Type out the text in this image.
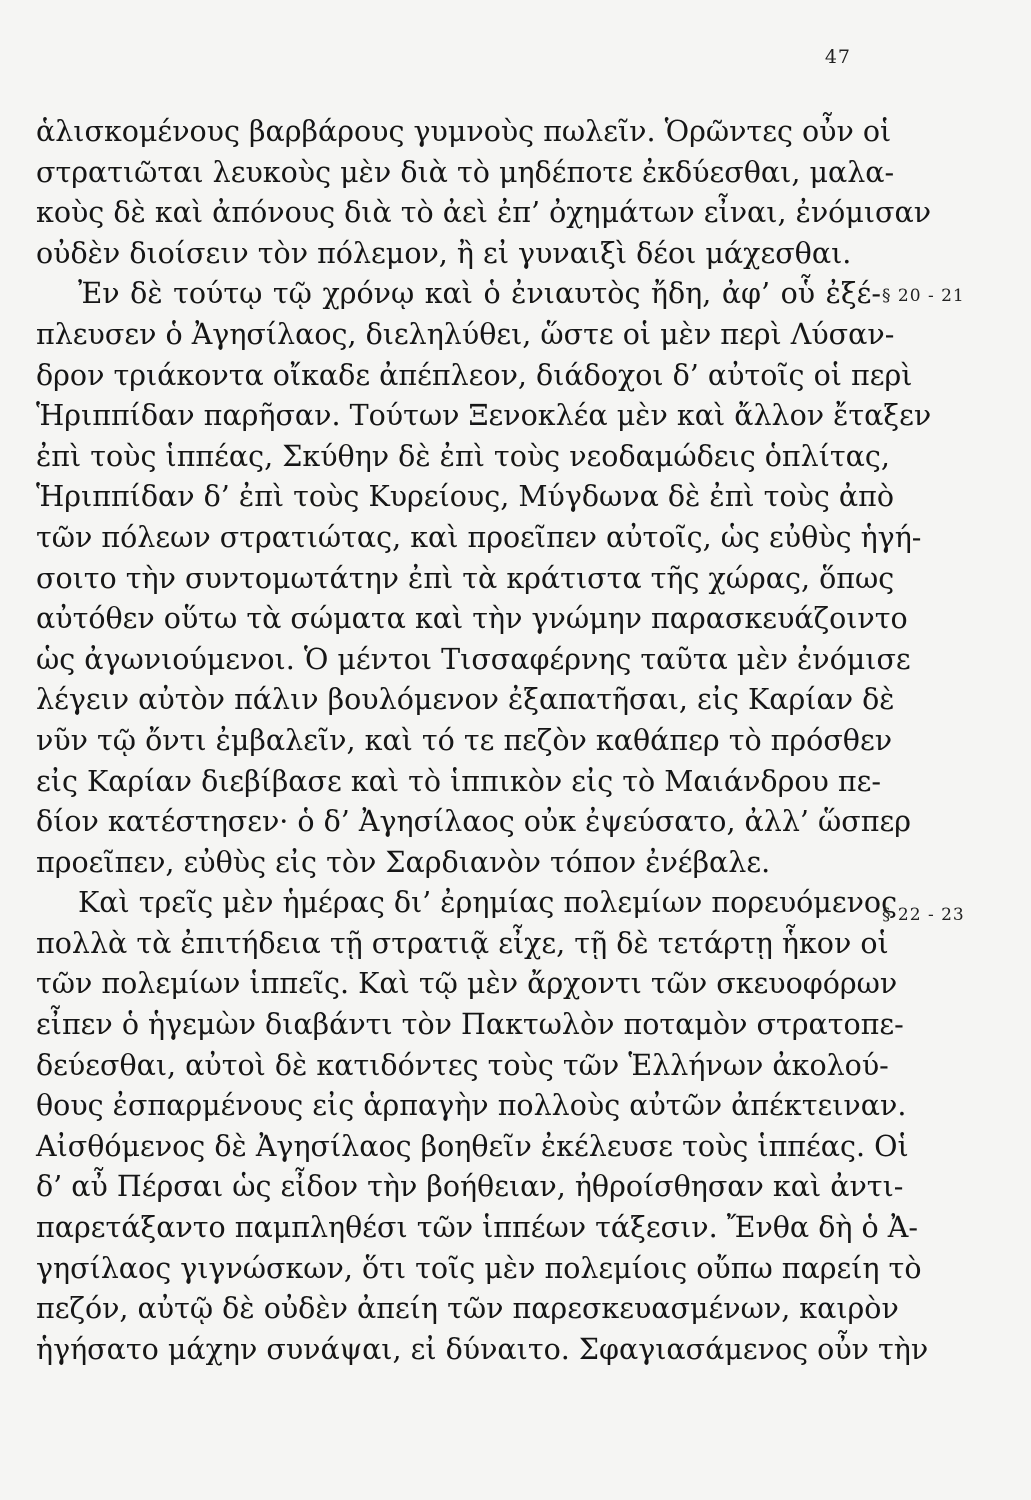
47
ἁλισκομένους βαρβάρους γυμνοὺς πωλεῖν. Ὁρῶντες οὖν οἱ
στρατιῶται λευκοὺς μὲν διὰ τὸ μηδέποτε ἐκδύεσθαι, μαλα-
κοὺς δὲ καὶ ἀπόνους διὰ τὸ ἀεὶ ἐπ’ ὀχημάτων εἶναι, ἐνόμισαν
οὐδὲν διοίσειν τὸν πόλεμον, ἢ εἰ γυναιξὶ δέοι μάχεσθαι.
Ἐν δὲ τούτῳ τῷ χρόνῳ καὶ ὁ ἐνιαυτὸς ἤδη, ἀφ’ οὗ ἐξέ-
πλευσεν ὁ Ἀγησίλαος, διεληλύθει, ὥστε οἱ μὲν περὶ Λύσαν-
δρον τριάκοντα οἴκαδε ἀπέπλεον, διάδοχοι δ’ αὐτοῖς οἱ περὶ
Ἡριππίδαν παρῆσαν. Τούτων Ξενοκλέα μὲν καὶ ἄλλον ἔταξεν
ἐπὶ τοὺς ἱππέας, Σκύθην δὲ ἐπὶ τοὺς νεοδαμώδεις ὁπλίτας,
Ἡριππίδαν δ’ ἐπὶ τοὺς Κυρείους, Μύγδωνα δὲ ἐπὶ τοὺς ἀπὸ
τῶν πόλεων στρατιώτας, καὶ προεῖπεν αὐτοῖς, ὡς εὐθὺς ἡγή-
σοιτο τὴν συντομωτάτην ἐπὶ τὰ κράτιστα τῆς χώρας, ὅπως
αὐτόθεν οὕτω τὰ σώματα καὶ τὴν γνώμην παρασκευάζοιντο
ὡς ἀγωνιούμενοι. Ὁ μέντοι Τισσαφέρνης ταῦτα μὲν ἐνόμισε
λέγειν αὐτὸν πάλιν βουλόμενον ἐξαπατῆσαι, εἰς Καρίαν δὲ
νῦν τῷ ὄντι ἐμβαλεῖν, καὶ τό τε πεζὸν καθάπερ τὸ πρόσθεν
εἰς Καρίαν διεβίβασε καὶ τὸ ἱππικὸν εἰς τὸ Μαιάνδρου πε-
δίον κατέστησεν· ὁ δ’ Ἀγησίλαος οὐκ ἐψεύσατο, ἀλλ’ ὥσπερ
προεῖπεν, εὐθὺς εἰς τὸν Σαρδιανὸν τόπον ἐνέβαλε.
Καὶ τρεῖς μὲν ἡμέρας δι’ ἐρημίας πολεμίων πορευόμενος
πολλὰ τὰ ἐπιτήδεια τῇ στρατιᾷ εἶχε, τῇ δὲ τετάρτῃ ἧκον οἱ
τῶν πολεμίων ἱππεῖς. Καὶ τῷ μὲν ἄρχοντι τῶν σκευοφόρων
εἶπεν ὁ ἡγεμὼν διαβάντι τὸν Πακτωλὸν ποταμὸν στρατοπε-
δεύεσθαι, αὐτοὶ δὲ κατιδόντες τοὺς τῶν Ἑλλήνων ἀκολού-
θους ἐσπαρμένους εἰς ἁρπαγὴν πολλοὺς αὐτῶν ἀπέκτειναν.
Αἰσθόμενος δὲ Ἀγησίλαος βοηθεῖν ἐκέλευσε τοὺς ἱππέας. Οἱ
δ’ αὖ Πέρσαι ὡς εἶδον τὴν βοήθειαν, ἠθροίσθησαν καὶ ἀντι-
παρετάξαντο παμπληθέσι τῶν ἱππέων τάξεσιν. Ἔνθα δὴ ὁ Ἀ-
γησίλαος γιγνώσκων, ὅτι τοῖς μὲν πολεμίοις οὔπω παρείη τὸ
πεζόν, αὐτῷ δὲ οὐδὲν ἀπείη τῶν παρεσκευασμένων, καιρὸν
ἡγήσατο μάχην συνάψαι, εἰ δύναιτο. Σφαγιασάμενος οὖν τὴν
§ 20 - 21
§ 22 - 23
